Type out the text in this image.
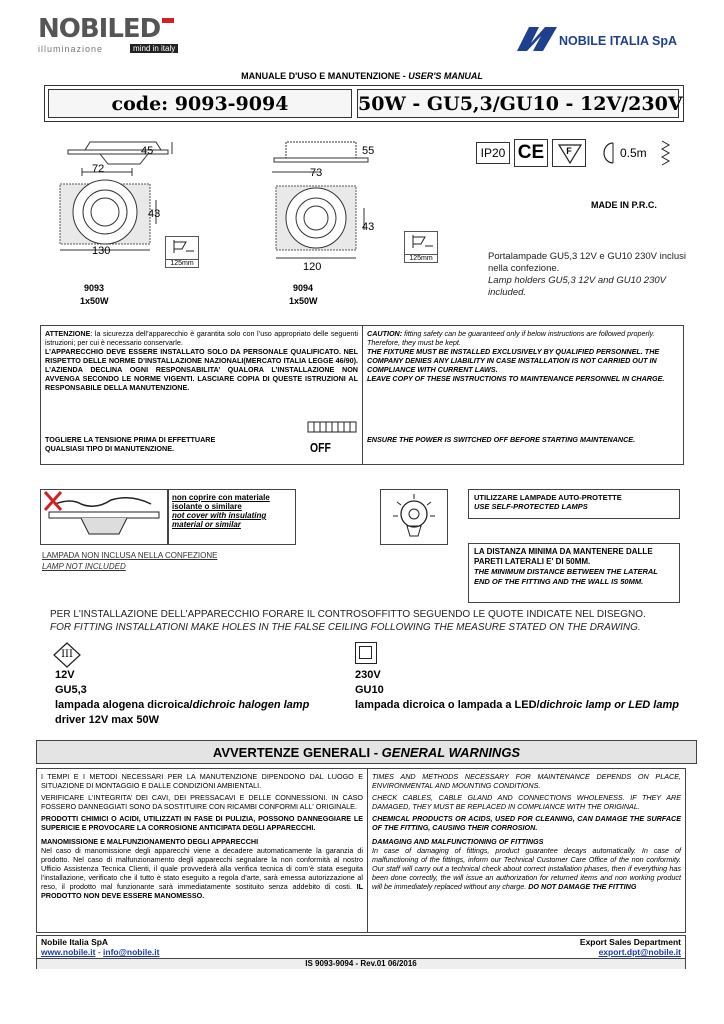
NOBILED
illuminazione	mind in italy
NOBILE ITALIA SpA
MANUALE D'USO E MANUTENZIONE - USER'S MANUAL
code: 9093-9094	50W - GU5,3/GU10 - 12V/230V
45
72
43
130
55
73
43
120
125mm
125mm
9093
1x50W
9094
1x50W
IP20 CE	F	0.5m
MADE IN P.R.C.
Portalampade GU5,3 12V e GU10 230V inclusi nella confezione.
Lamp holders GU5,3 12V and GU10 230V included.
ATTENZIONE: la sicurezza dell’apparecchio è garantita solo con l’uso appropriato delle seguenti istruzioni; per cui è necessario conservarle.
L’APPARECCHIO DEVE ESSERE INSTALLATO SOLO DA PERSONALE QUALIFICATO. NEL RISPETTO DELLE NORME D’INSTALLAZIONE NAZIONALI(MERCATO ITALIA LEGGE 46/90). L’AZIENDA DECLINA OGNI RESPONSABILITA’ QUALORA L’INSTALLAZIONE NON AVVENGA SECONDO LE NORME VIGENTI. LASCIARE COPIA DI QUESTE ISTRUZIONI AL RESPONSABILE DELLA MANUTENZIONE.
TOGLIERE LA TENSIONE PRIMA DI EFFETTUARE QUALSIASI TIPO DI MANUTENZIONE.	OFF
CAUTION: fitting safety can be guaranteed only if below instructions are followed properly. Therefore, they must be kept.
THE FIXTURE MUST BE INSTALLED EXCLUSIVELY BY QUALIFIED PERSONNEL. THE COMPANY DENIES ANY LIABILITY IN CASE INSTALLATION IS NOT CARRIED OUT IN COMPLIANCE WITH CURRENT LAWS.
LEAVE COPY OF THESE INSTRUCTIONS TO MAINTENANCE PERSONNEL IN CHARGE.
ENSURE THE POWER IS SWITCHED OFF BEFORE STARTING MAINTENANCE.
non coprire con materiale isolante o similare
not cover with insulating material or similar
LAMPADA NON INCLUSA NELLA CONFEZIONE
LAMP NOT INCLUDED
UTILIZZARE LAMPADE AUTO-PROTETTE
USE SELF-PROTECTED LAMPS
LA DISTANZA MINIMA DA MANTENERE DALLE PARETI LATERALI E' DI 50MM.
THE MINIMUM DISTANCE BETWEEN THE LATERAL END OF THE FITTING AND THE WALL IS 50MM.
PER L'INSTALLAZIONE DELL'APPARECCHIO FORARE IL CONTROSOFFITTO SEGUENDO LE QUOTE INDICATE NEL DISEGNO.
FOR FITTING INSTALLATIONI MAKE HOLES IN THE FALSE CEILING FOLLOWING THE MEASURE STATED ON THE DRAWING.
III
12V
GU5,3
lampada alogena dicroica/dichroic halogen lamp
driver 12V max 50W
230V
GU10
lampada dicroica o lampada a LED/dichroic lamp or LED lamp
AVVERTENZE GENERALI - GENERAL WARNINGS
I TEMPI E I METODI NECESSARI PER LA MANUTENZIONE DIPENDONO DAL LUOGO E SITUAZIONE DI MONTAGGIO E DALLE CONDIZIONI AMBIENTALI.
VERIFICARE L’INTEGRITA’ DEI CAVI, DEI PRESSACAVI E DELLE CONNESSIONI. IN CASO FOSSERO DANNEGGIATI SONO DA SOSTITUIRE CON RICAMBI CONFORMI ALL' ORIGINALE.
PRODOTTI CHIMICI O ACIDI, UTILIZZATI IN FASE DI PULIZIA, POSSONO DANNEGGIARE LE SUPERICIE E PROVOCARE LA CORROSIONE ANTICIPATA DEGLI APPARECCHI.
MANOMISSIONE E MALFUNZIONAMENTO DEGLI APPARECCHI
Nel caso di manomissione degli apparecchi viene a decadere automaticamente la garanzia di prodotto. Nel caso di malfunzionamento degli apparecchi segnalare la non conformità al nostro Ufficio Assistenza Tecnica Clienti, il quale provvederà alla verifica tecnica di com’è stata eseguita l’installazione, verificato che il tutto è stato eseguito a regola d’arte, sarà emessa autorizzazione al reso, il prodotto mal funzionante sarà immediatamente sostituito senza addebito di costi. IL PRODOTTO NON DEVE ESSERE MANOMESSO.
TIMES AND METHODS NECESSARY FOR MAINTENANCE DEPENDS ON PLACE, ENVIRONMENTAL AND MOUNTING CONDITIONS.
CHECK CABLES, CABLE GLAND AND CONNECTIONS WHOLENESS. IF THEY ARE DAMAGED, THEY MUST BE REPLACED IN COMPLIANCE WITH THE ORIGINAL.
CHEMICAL PRODUCTS OR ACIDS, USED FOR CLEANING, CAN DAMAGE THE SURFACE OF THE FITTING, CAUSING THEIR CORROSION.
DAMAGING AND MALFUNCTIONING OF FITTINGS
In case of damaging of fittings, product guarantee decays automatically. In case of malfunctioning of the fittings, inform our Technical Customer Care Office of the non conformity. Our staff will carry out a technical check about correct installation phases, then if everything has been done correctly, the will issue an authorization for returned items and non working product will be immediately replaced without any charge. DO NOT DAMAGE THE FITTING
Nobile Italia SpA	Export Sales Department
www.nobile.it - info@nobile.it	export.dpt@nobile.it
IS 9093-9094 - Rev.01 06/2016
